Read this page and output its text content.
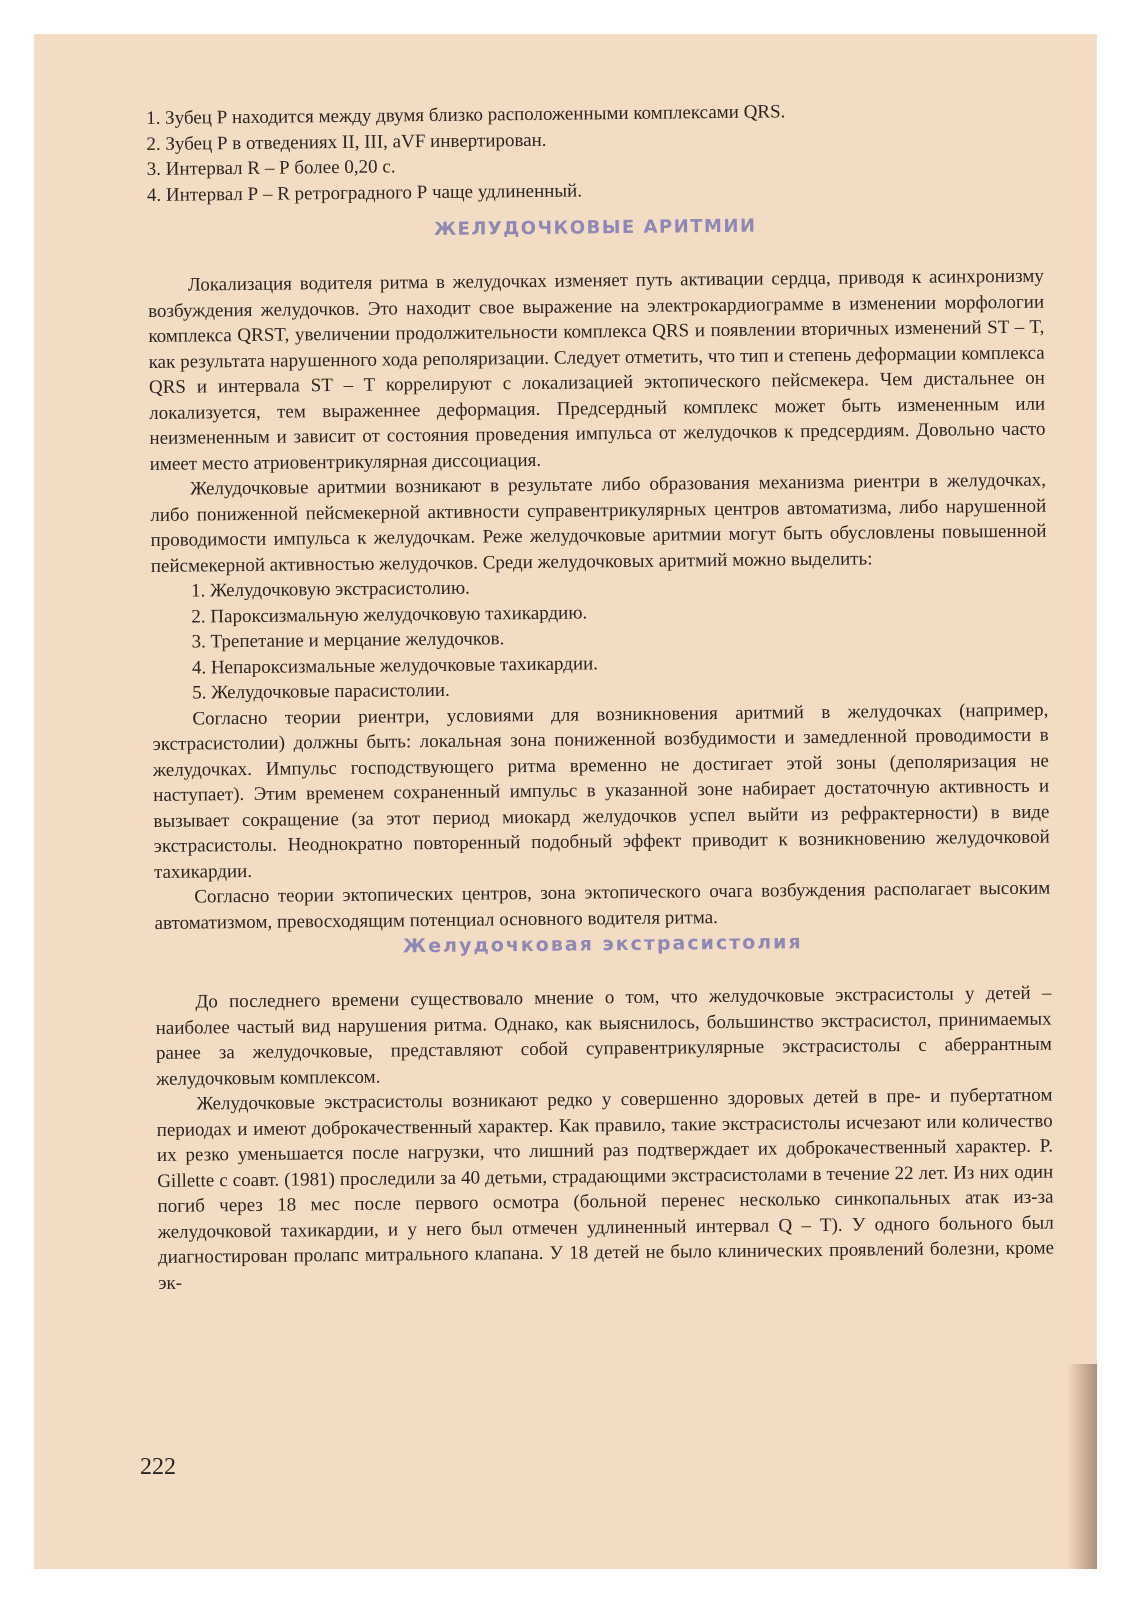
1. Зубец Р находится между двумя близко расположенными комплексами QRS.
2. Зубец Р в отведениях II, III, aVF инвертирован.
3. Интервал R – Р более 0,20 с.
4. Интервал Р – R ретроградного Р чаще удлиненный.
ЖЕЛУДОЧКОВЫЕ АРИТМИИ

Локализация водителя ритма в желудочках изменяет путь активации сердца, приводя к асинхронизму возбуждения желудочков. Это находит свое выражение на электрокардиограмме в изменении морфологии комплекса QRST, увеличении продолжительности комплекса QRS и появлении вторичных изменений ST – T, как результата нарушенного хода реполяризации. Следует отметить, что тип и степень деформации комплекса QRS и интервала ST – T коррелируют с локализацией эктопического пейсмекера. Чем дистальнее он локализуется, тем выраженнее деформация. Предсердный комплекс может быть измененным или неизмененным и зависит от состояния проведения импульса от желудочков к предсердиям. Довольно часто имеет место атриовентрикулярная диссоциация.

Желудочковые аритмии возникают в результате либо образования механизма риентри в желудочках, либо пониженной пейсмекерной активности суправентрикулярных центров автоматизма, либо нарушенной проводимости импульса к желудочкам. Реже желудочковые аритмии могут быть обусловлены повышенной пейсмекерной активностью желудочков. Среди желудочковых аритмий можно выделить:

1. Желудочковую экстрасистолию.
2. Пароксизмальную желудочковую тахикардию.
3. Трепетание и мерцание желудочков.
4. Непароксизмальные желудочковые тахикардии.
5. Желудочковые парасистолии.

Согласно теории риентри, условиями для возникновения аритмий в желудочках (например, экстрасистолии) должны быть: локальная зона пониженной возбудимости и замедленной проводимости в желудочках. Импульс господствующего ритма временно не достигает этой зоны (деполяризация не наступает). Этим временем сохраненный импульс в указанной зоне набирает достаточную активность и вызывает сокращение (за этот период миокард желудочков успел выйти из рефрактерности) в виде экстрасистолы. Неоднократно повторенный подобный эффект приводит к возникновению желудочковой тахикардии.

Согласно теории эктопических центров, зона эктопического очага возбуждения располагает высоким автоматизмом, превосходящим потенциал основного водителя ритма.

Желудочковая экстрасистолия

До последнего времени существовало мнение о том, что желудочковые экстрасистолы у детей – наиболее частый вид нарушения ритма. Однако, как выяснилось, большинство экстрасистол, принимаемых ранее за желудочковые, представляют собой суправентрикулярные экстрасистолы с аберрантным желудочковым комплексом.

Желудочковые экстрасистолы возникают редко у совершенно здоровых детей в пре- и пубертатном периодах и имеют доброкачественный характер. Как правило, такие экстрасистолы исчезают или количество их резко уменьшается после нагрузки, что лишний раз подтверждает их доброкачественный характер. P. Gillette с соавт. (1981) проследили за 40 детьми, страдающими экстрасистолами в течение 22 лет. Из них один погиб через 18 мес после первого осмотра (больной перенес несколько синкопальных атак из-за желудочковой тахикардии, и у него был отмечен удлиненный интервал Q – T). У одного больного был диагностирован пролапс митрального клапана. У 18 детей не было клинических проявлений болезни, кроме эк-

222
